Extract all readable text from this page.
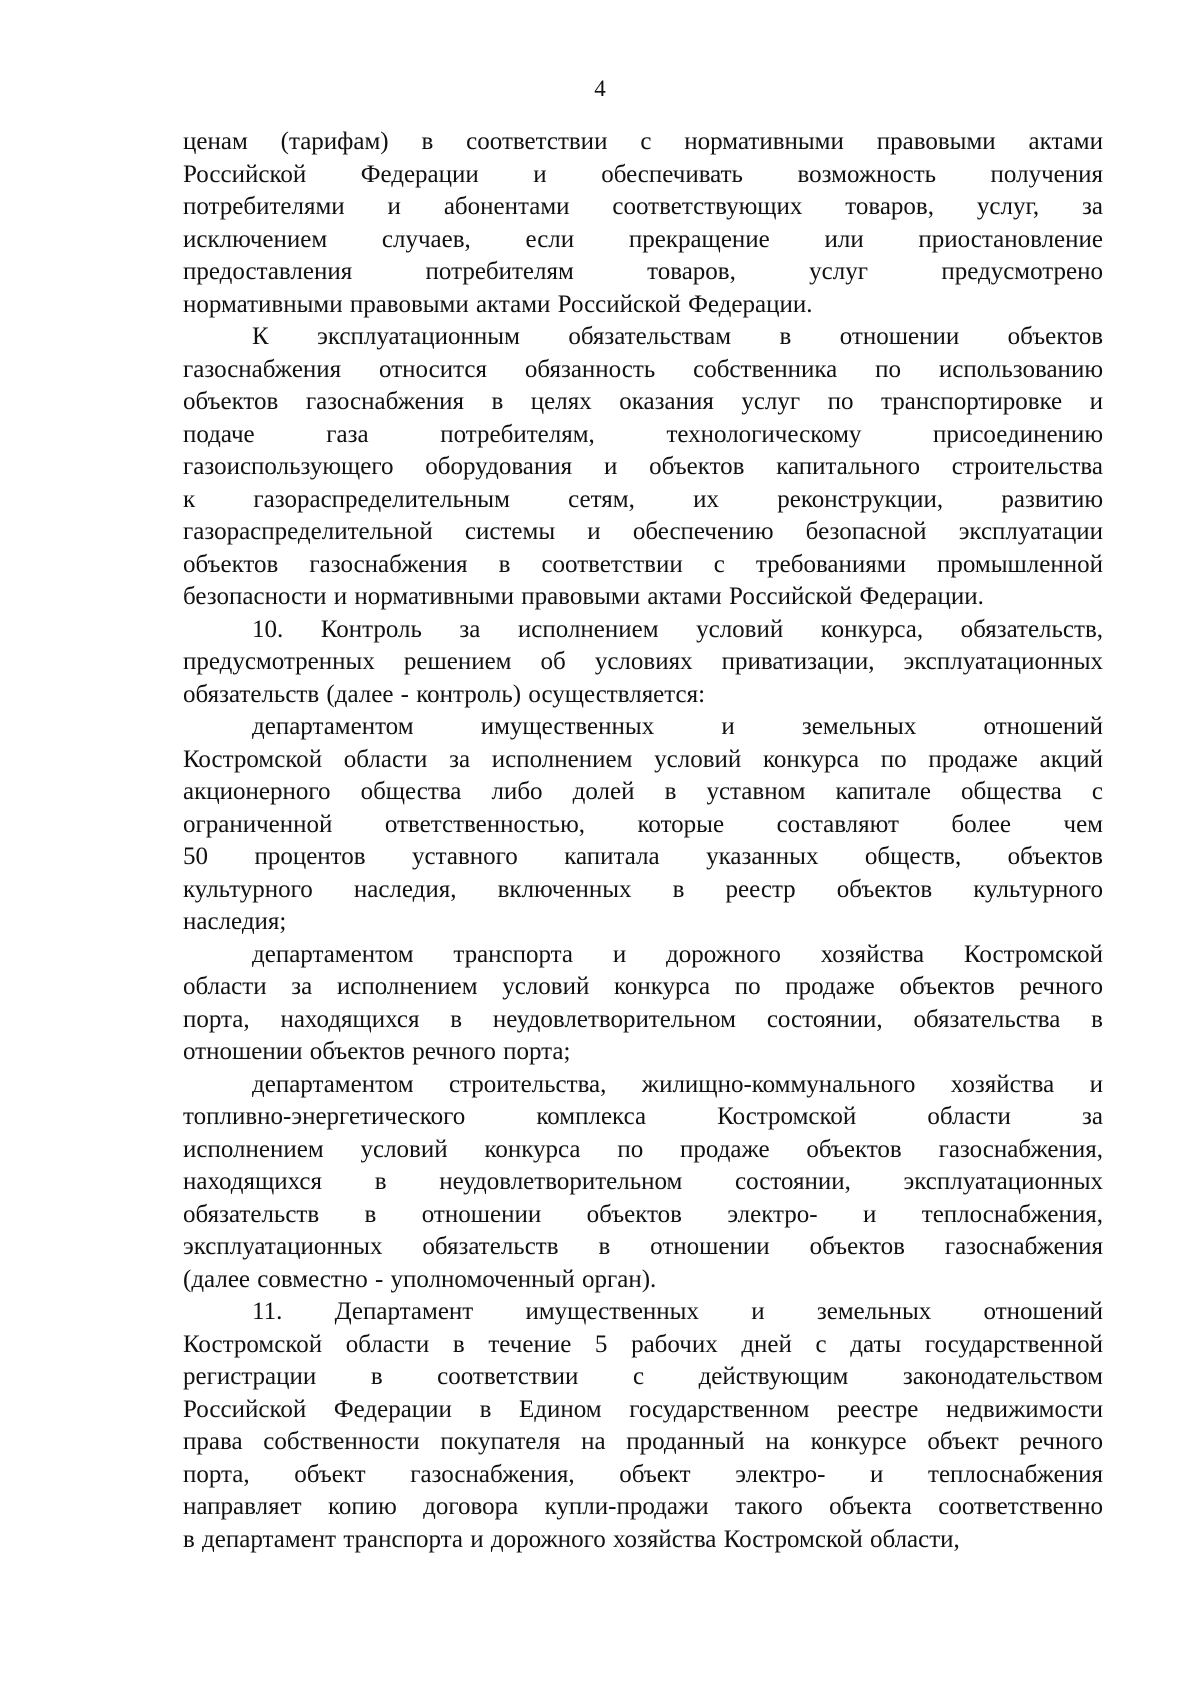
4
ценам (тарифам) в соответствии с нормативными правовыми актами
Российской Федерации и обеспечивать возможность получения
потребителями и абонентами соответствующих товаров, услуг, за
исключением случаев, если прекращение или приостановление
предоставления потребителям товаров, услуг предусмотрено
нормативными правовыми актами Российской Федерации.
К эксплуатационным обязательствам в отношении объектов
газоснабжения относится обязанность собственника по использованию
объектов газоснабжения в целях оказания услуг по транспортировке и
подаче газа потребителям, технологическому присоединению
газоиспользующего оборудования и объектов капитального строительства
к газораспределительным сетям, их реконструкции, развитию
газораспределительной системы и обеспечению безопасной эксплуатации
объектов газоснабжения в соответствии с требованиями промышленной
безопасности и нормативными правовыми актами Российской Федерации.
10. Контроль за исполнением условий конкурса, обязательств,
предусмотренных решением об условиях приватизации, эксплуатационных
обязательств (далее - контроль) осуществляется:
департаментом имущественных и земельных отношений
Костромской области за исполнением условий конкурса по продаже акций
акционерного общества либо долей в уставном капитале общества с
ограниченной ответственностью, которые составляют более чем
50 процентов уставного капитала указанных обществ, объектов
культурного наследия, включенных в реестр объектов культурного
наследия;
департаментом транспорта и дорожного хозяйства Костромской
области за исполнением условий конкурса по продаже объектов речного
порта, находящихся в неудовлетворительном состоянии, обязательства в
отношении объектов речного порта;
департаментом строительства, жилищно-коммунального хозяйства и
топливно-энергетического комплекса Костромской области за
исполнением условий конкурса по продаже объектов газоснабжения,
находящихся в неудовлетворительном состоянии, эксплуатационных
обязательств в отношении объектов электро- и теплоснабжения,
эксплуатационных обязательств в отношении объектов газоснабжения
(далее совместно - уполномоченный орган).
11. Департамент имущественных и земельных отношений
Костромской области в течение 5 рабочих дней с даты государственной
регистрации в соответствии с действующим законодательством
Российской Федерации в Едином государственном реестре недвижимости
права собственности покупателя на проданный на конкурсе объект речного
порта, объект газоснабжения, объект электро- и теплоснабжения
направляет копию договора купли-продажи такого объекта соответственно
в департамент транспорта и дорожного хозяйства Костромской области,
